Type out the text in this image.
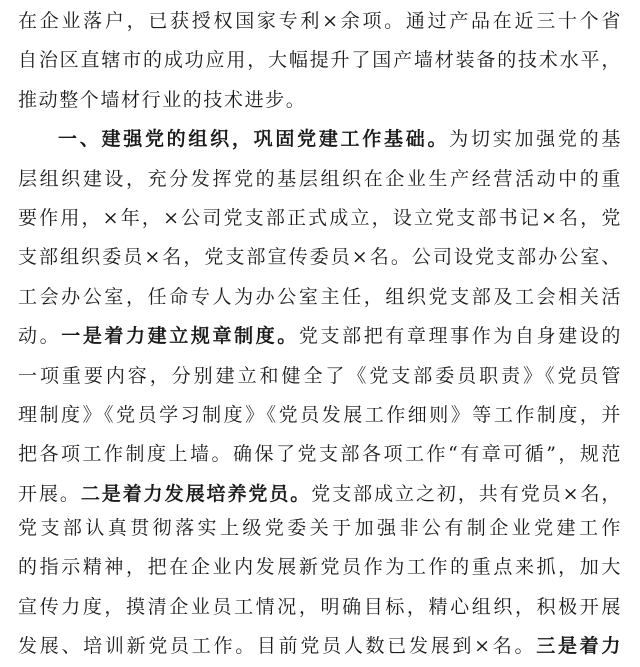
在企业落户，已获授权国家专利×余项。通过产品在近三十个省
自治区直辖市的成功应用，大幅提升了国产墙材装备的技术水平，
推动整个墙材行业的技术进步。
一、建强党的组织，巩固党建工作基础。为切实加强党的基
层组织建设，充分发挥党的基层组织在企业生产经营活动中的重
要作用，×年，×公司党支部正式成立，设立党支部书记×名，党
支部组织委员×名，党支部宣传委员×名。公司设党支部办公室、
工会办公室，任命专人为办公室主任，组织党支部及工会相关活
动。一是着力建立规章制度。党支部把有章理事作为自身建设的
一项重要内容，分别建立和健全了《党支部委员职责》《党员管
理制度》《党员学习制度》《党员发展工作细则》等工作制度，并
把各项工作制度上墙。确保了党支部各项工作“有章可循”，规范
开展。二是着力发展培养党员。党支部成立之初，共有党员×名，
党支部认真贯彻落实上级党委关于加强非公有制企业党建工作
的指示精神，把在企业内发展新党员作为工作的重点来抓，加大
宣传力度，摸清企业员工情况，明确目标，精心组织，积极开展
发展、培训新党员工作。目前党员人数已发展到×名。三是着力
